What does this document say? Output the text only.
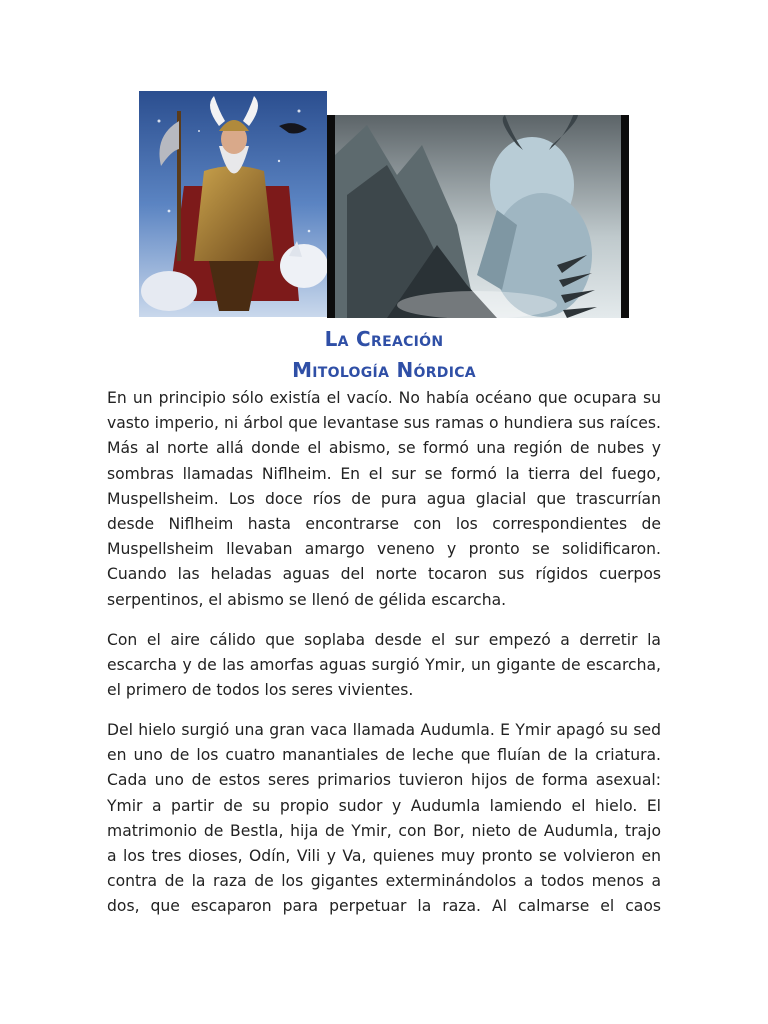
La Creación
Mitología Nórdica

En un principio sólo existía el vacío. No había océano que ocupara su
vasto imperio, ni árbol que levantase sus ramas o hundiera sus raíces.
Más al norte allá donde el abismo, se formó una región de nubes y
sombras llamadas Niflheim. En el sur se formó la tierra del fuego,
Muspellsheim. Los doce ríos de pura agua glacial que trascurrían
desde Niflheim hasta encontrarse con los correspondientes de
Muspellsheim llevaban amargo veneno y pronto se solidificaron.
Cuando las heladas aguas del norte tocaron sus rígidos cuerpos
serpentinos, el abismo se llenó de gélida escarcha.

Con el aire cálido que soplaba desde el sur empezó a derretir la
escarcha y de las amorfas aguas surgió Ymir, un gigante de escarcha,
el primero de todos los seres vivientes.

Del hielo surgió una gran vaca llamada Audumla. E Ymir apagó su sed
en uno de los cuatro manantiales de leche que fluían de la criatura.
Cada uno de estos seres primarios tuvieron hijos de forma asexual:
Ymir a partir de su propio sudor y Audumla lamiendo el hielo. El
matrimonio de Bestla, hija de Ymir, con Bor, nieto de Audumla, trajo
a los tres dioses, Odín, Vili y Va, quienes muy pronto se volvieron en
contra de la raza de los gigantes exterminándolos a todos menos a
dos, que escaparon para perpetuar la raza. Al calmarse el caos
